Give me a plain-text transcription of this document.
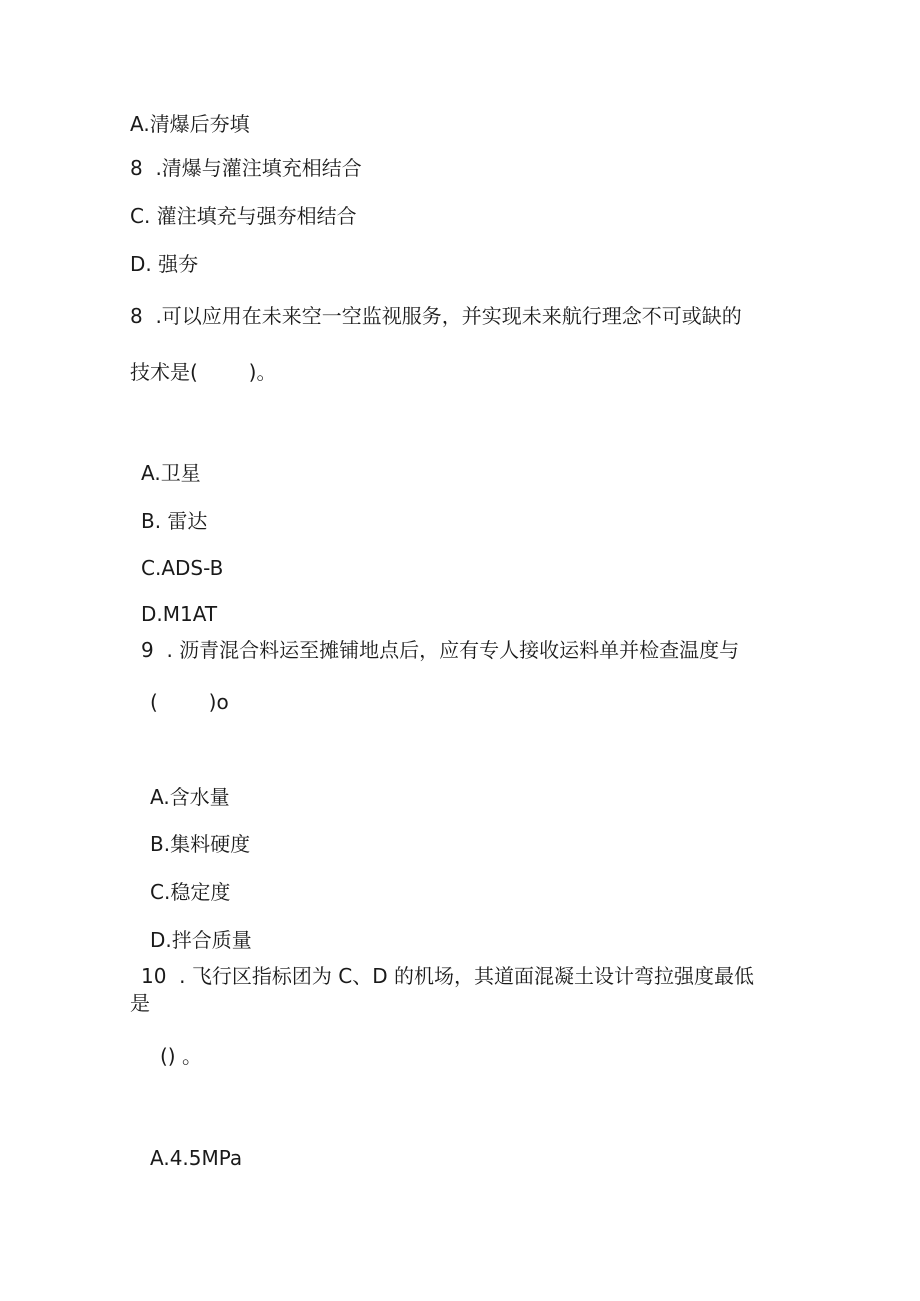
A.清爆后夯填
8  .清爆与灌注填充相结合
C. 灌注填充与强夯相结合
D. 强夯
8  .可以应用在未来空一空监视服务，并实现未来航行理念不可或缺的
技术是(        )。
A.卫星
B. 雷达
C.ADS-B
D.M1AT
9  . 沥青混合料运至摊铺地点后，应有专人接收运料单并检查温度与
(        )o
A.含水量
B.集料硬度
C.稳定度
D.拌合质量
10  . 飞行区指标团为 C、D 的机场，其道面混凝土设计弯拉强度最低
是
() 。
A.4.5MPa
